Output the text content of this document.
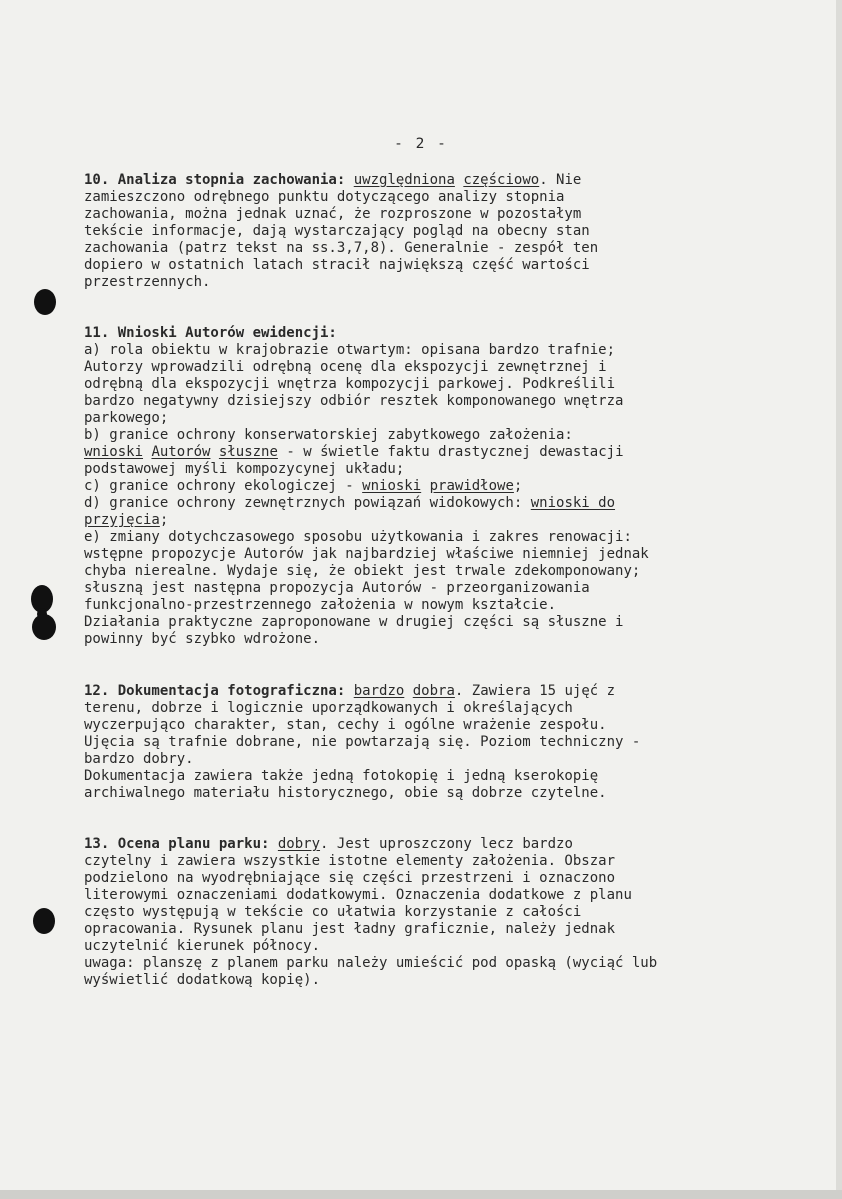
- 2 -
10. Analiza stopnia zachowania: uwzględniona częściowo. Nie
zamieszczono odrębnego punktu dotyczącego analizy stopnia
zachowania, można jednak uznać, że rozproszone w pozostałym
tekście informacje, dają wystarczający pogląd na obecny stan
zachowania (patrz tekst na ss.3,7,8). Generalnie - zespół ten
dopiero w ostatnich latach stracił największą część wartości
przestrzennych.
11. Wnioski Autorów ewidencji:
a) rola obiektu w krajobrazie otwartym: opisana bardzo trafnie;
Autorzy wprowadzili odrębną ocenę dla ekspozycji zewnętrznej i
odrębną dla ekspozycji wnętrza kompozycji parkowej. Podkreślili
bardzo negatywny dzisiejszy odbiór resztek komponowanego wnętrza
parkowego;
b) granice ochrony konserwatorskiej zabytkowego założenia:
wnioski Autorów słuszne - w świetle faktu drastycznej dewastacji
podstawowej myśli kompozycynej układu;
c) granice ochrony ekologiczej - wnioski prawidłowe;
d) granice ochrony zewnętrznych powiązań widokowych: wnioski do
przyjęcia;
e) zmiany dotychczasowego sposobu użytkowania i zakres renowacji:
wstępne propozycje Autorów jak najbardziej właściwe niemniej jednak
chyba nierealne. Wydaje się, że obiekt jest trwale zdekomponowany;
słuszną jest następna propozycja Autorów - przeorganizowania
funkcjonalno-przestrzennego założenia w nowym kształcie.
Działania praktyczne zaproponowane w drugiej części są słuszne i
powinny być szybko wdrożone.
12. Dokumentacja fotograficzna: bardzo dobra. Zawiera 15 ujęć z
terenu, dobrze i logicznie uporządkowanych i określających
wyczerpująco charakter, stan, cechy i ogólne wrażenie zespołu.
Ujęcia są trafnie dobrane, nie powtarzają się. Poziom techniczny -
bardzo dobry.
Dokumentacja zawiera także jedną fotokopię i jedną kserokopię
archiwalnego materiału historycznego, obie są dobrze czytelne.
13. Ocena planu parku: dobry. Jest uproszczony lecz bardzo
czytelny i zawiera wszystkie istotne elementy założenia. Obszar
podzielono na wyodrębniające się części przestrzeni i oznaczono
literowymi oznaczeniami dodatkowymi. Oznaczenia dodatkowe z planu
często występują w tekście co ułatwia korzystanie z całości
opracowania. Rysunek planu jest ładny graficznie, należy jednak
uczytelnić kierunek północy.
uwaga: planszę z planem parku należy umieścić pod opaską (wyciąć lub
wyświetlić dodatkową kopię).
